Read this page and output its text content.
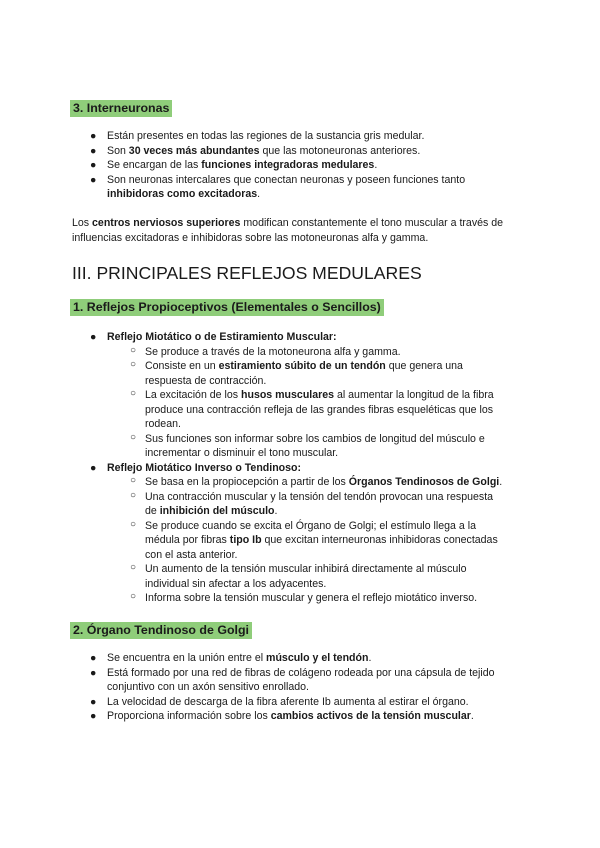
3. Interneuronas
● Están presentes en todas las regiones de la sustancia gris medular.
● Son 30 veces más abundantes que las motoneuronas anteriores.
● Se encargan de las funciones integradoras medulares.
● Son neuronas intercalares que conectan neuronas y poseen funciones tanto inhibidoras como excitadoras.

Los centros nerviosos superiores modifican constantemente el tono muscular a través de influencias excitadoras e inhibidoras sobre las motoneuronas alfa y gamma.

III. PRINCIPALES REFLEJOS MEDULARES
1. Reflejos Propioceptivos (Elementales o Sencillos)
● Reflejo Miotático o de Estiramiento Muscular:
○ Se produce a través de la motoneurona alfa y gamma.
○ Consiste en un estiramiento súbito de un tendón que genera una respuesta de contracción.
○ La excitación de los husos musculares al aumentar la longitud de la fibra produce una contracción refleja de las grandes fibras esqueléticas que los rodean.
○ Sus funciones son informar sobre los cambios de longitud del músculo e incrementar o disminuir el tono muscular.
● Reflejo Miotático Inverso o Tendinoso:
○ Se basa en la propiocepción a partir de los Órganos Tendinosos de Golgi.
○ Una contracción muscular y la tensión del tendón provocan una respuesta de inhibición del músculo.
○ Se produce cuando se excita el Órgano de Golgi; el estímulo llega a la médula por fibras tipo Ib que excitan interneuronas inhibidoras conectadas con el asta anterior.
○ Un aumento de la tensión muscular inhibirá directamente al músculo individual sin afectar a los adyacentes.
○ Informa sobre la tensión muscular y genera el reflejo miotático inverso.
2. Órgano Tendinoso de Golgi
● Se encuentra en la unión entre el músculo y el tendón.
● Está formado por una red de fibras de colágeno rodeada por una cápsula de tejido conjuntivo con un axón sensitivo enrollado.
● La velocidad de descarga de la fibra aferente Ib aumenta al estirar el órgano.
● Proporciona información sobre los cambios activos de la tensión muscular.
